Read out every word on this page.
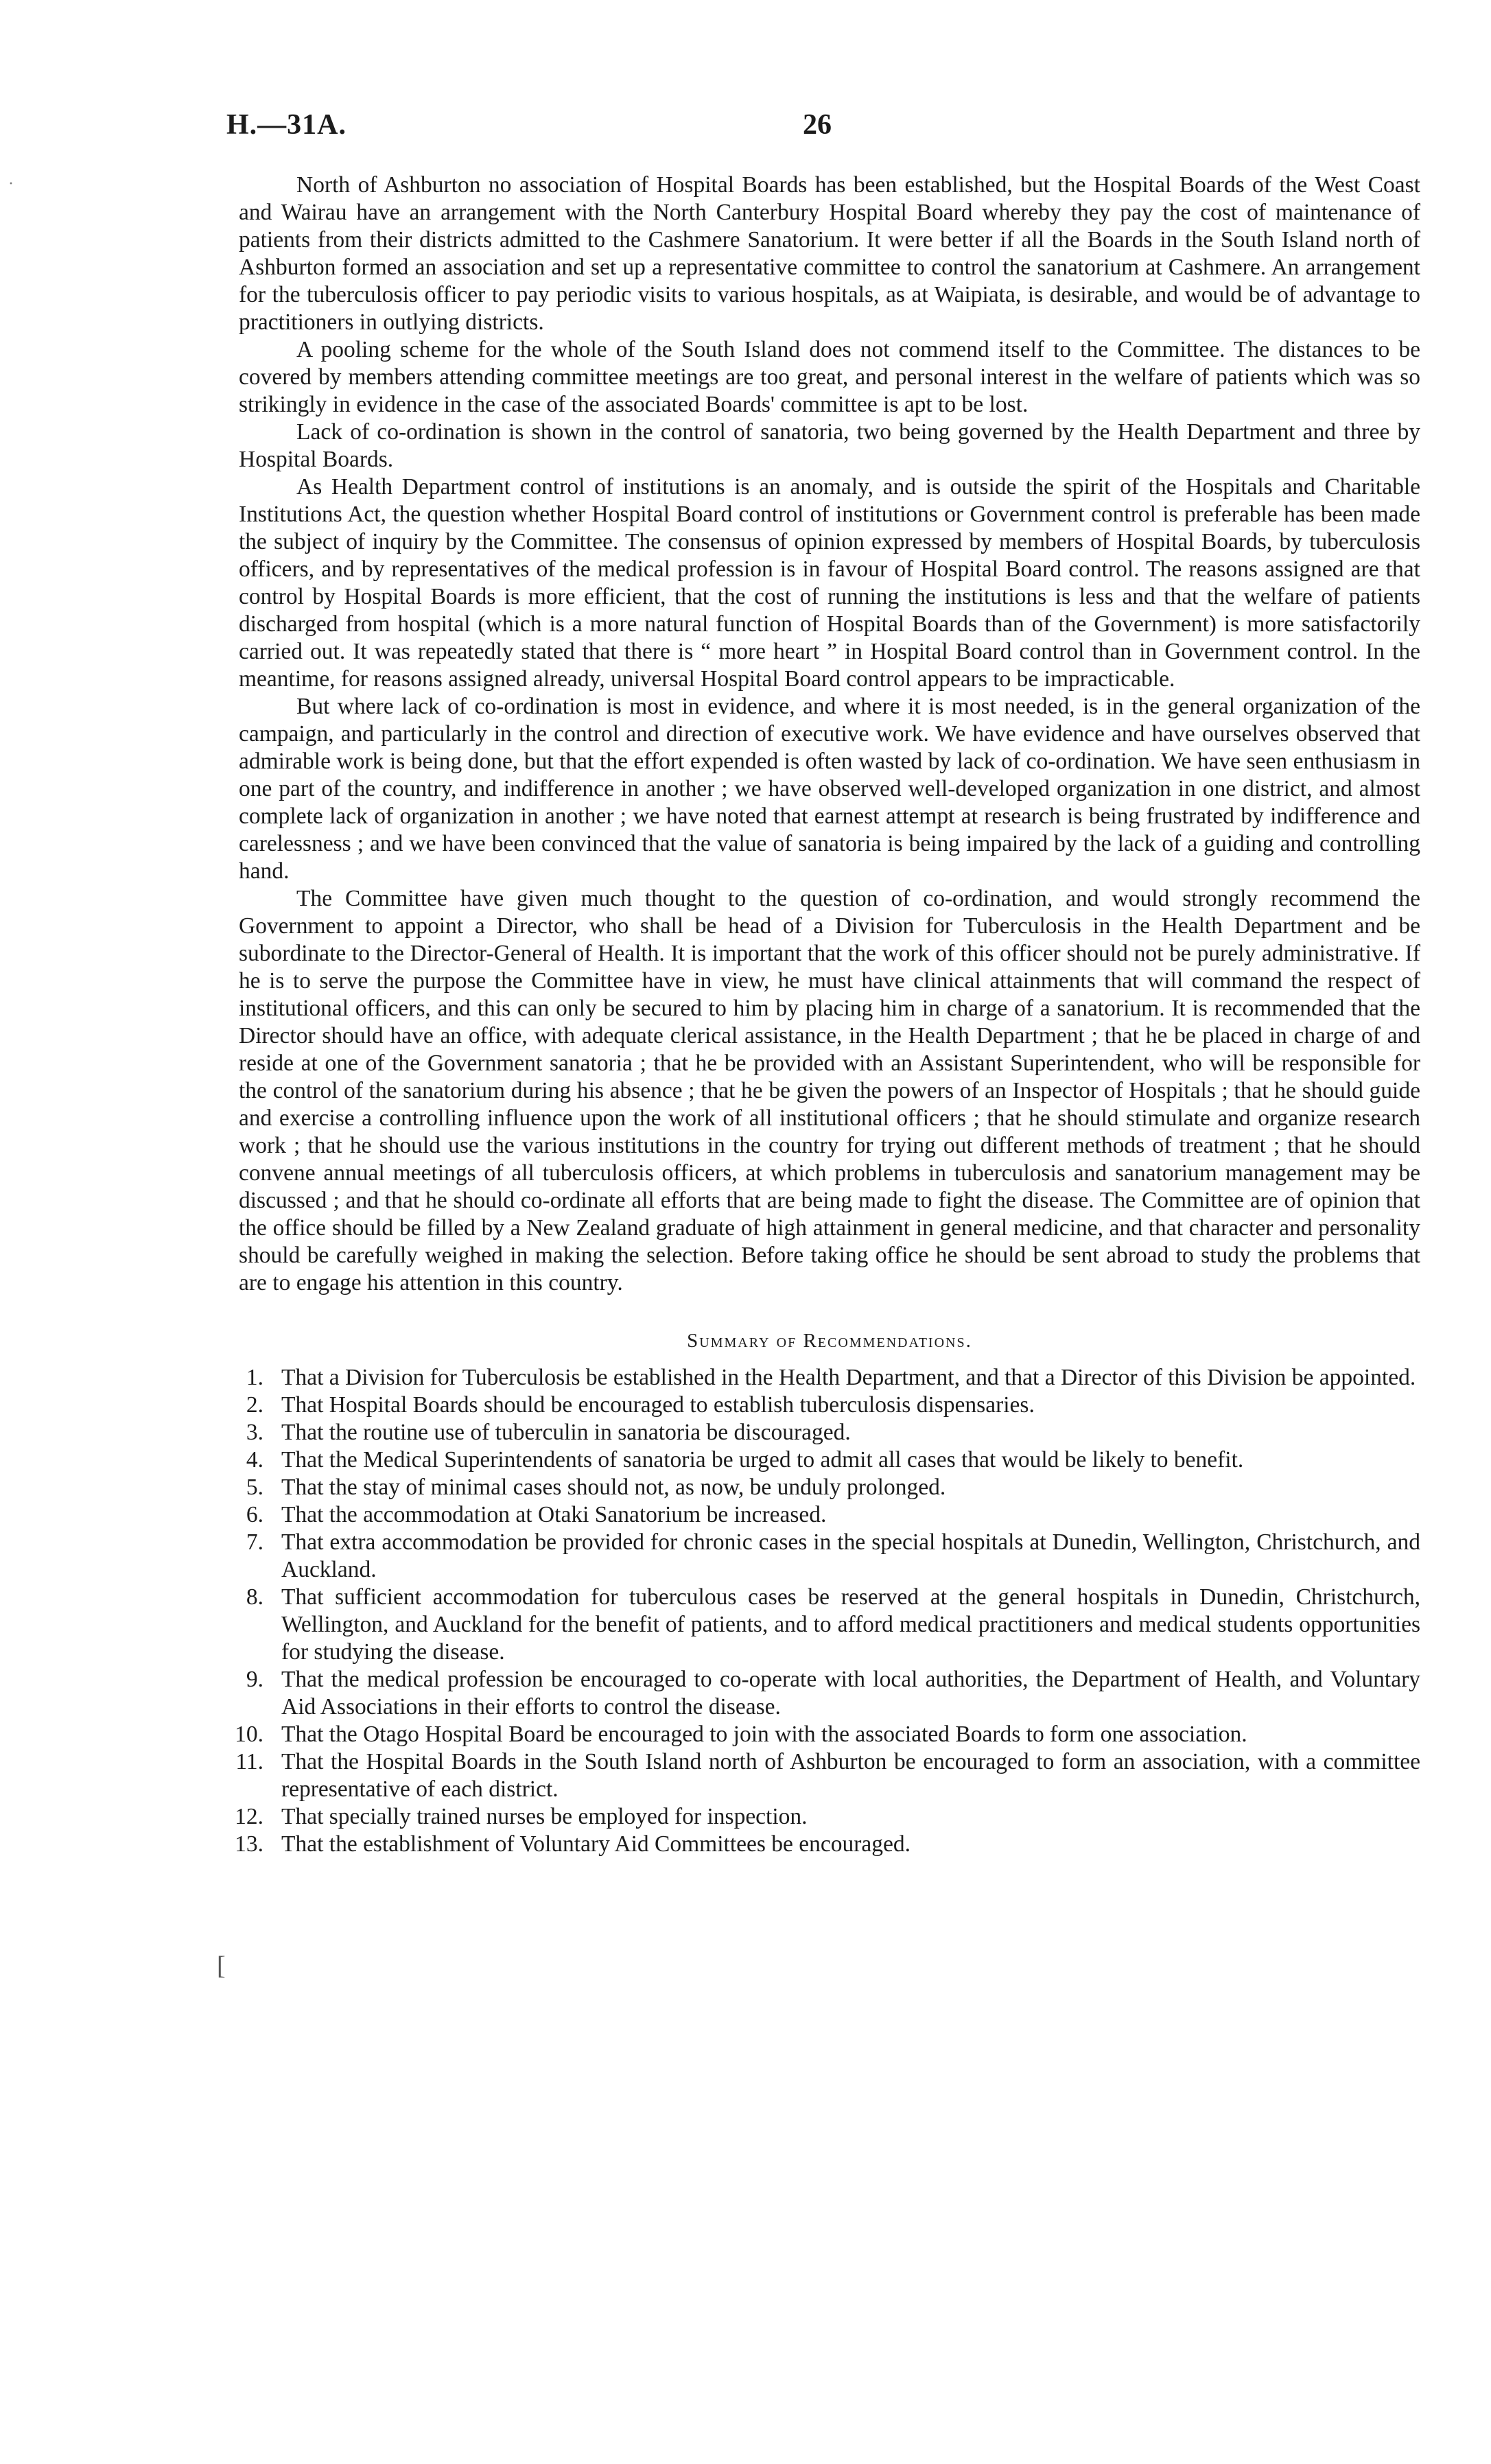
·
H.—31A.	26

North of Ashburton no association of Hospital Boards has been established, but the Hospital Boards of the West Coast and Wairau have an arrangement with the North Canterbury Hospital Board whereby they pay the cost of maintenance of patients from their districts admitted to the Cashmere Sanatorium. It were better if all the Boards in the South Island north of Ashburton formed an association and set up a representative committee to control the sanatorium at Cashmere. An arrangement for the tuberculosis officer to pay periodic visits to various hospitals, as at Waipiata, is desirable, and would be of advantage to practitioners in outlying districts.

A pooling scheme for the whole of the South Island does not commend itself to the Committee. The distances to be covered by members attending committee meetings are too great, and personal interest in the welfare of patients which was so strikingly in evidence in the case of the associated Boards' committee is apt to be lost.

Lack of co-ordination is shown in the control of sanatoria, two being governed by the Health Department and three by Hospital Boards.

As Health Department control of institutions is an anomaly, and is outside the spirit of the Hospitals and Charitable Institutions Act, the question whether Hospital Board control of institutions or Government control is preferable has been made the subject of inquiry by the Committee. The consensus of opinion expressed by members of Hospital Boards, by tuberculosis officers, and by representatives of the medical profession is in favour of Hospital Board control. The reasons assigned are that control by Hospital Boards is more efficient, that the cost of running the institutions is less and that the welfare of patients discharged from hospital (which is a more natural function of Hospital Boards than of the Government) is more satisfactorily carried out. It was repeatedly stated that there is “ more heart ” in Hospital Board control than in Government control. In the meantime, for reasons assigned already, universal Hospital Board control appears to be impracticable.

But where lack of co-ordination is most in evidence, and where it is most needed, is in the general organization of the campaign, and particularly in the control and direction of executive work. We have evidence and have ourselves observed that admirable work is being done, but that the effort expended is often wasted by lack of co-ordination. We have seen enthusiasm in one part of the country, and indifference in another ; we have observed well-developed organization in one district, and almost complete lack of organization in another ; we have noted that earnest attempt at research is being frustrated by indifference and carelessness ; and we have been convinced that the value of sanatoria is being impaired by the lack of a guiding and controlling hand.

The Committee have given much thought to the question of co-ordination, and would strongly recommend the Government to appoint a Director, who shall be head of a Division for Tuberculosis in the Health Department and be subordinate to the Director-General of Health. It is important that the work of this officer should not be purely administrative. If he is to serve the purpose the Committee have in view, he must have clinical attainments that will command the respect of institutional officers, and this can only be secured to him by placing him in charge of a sanatorium. It is recommended that the Director should have an office, with adequate clerical assistance, in the Health Department ; that he be placed in charge of and reside at one of the Government sanatoria ; that he be provided with an Assistant Superintendent, who will be responsible for the control of the sanatorium during his absence ; that he be given the powers of an Inspector of Hospitals ; that he should guide and exercise a controlling influence upon the work of all institutional officers ; that he should stimulate and organize research work ; that he should use the various institutions in the country for trying out different methods of treatment ; that he should convene annual meetings of all tuberculosis officers, at which problems in tuberculosis and sanatorium management may be discussed ; and that he should co-ordinate all efforts that are being made to fight the disease. The Committee are of opinion that the office should be filled by a New Zealand graduate of high attainment in general medicine, and that character and personality should be carefully weighed in making the selection. Before taking office he should be sent abroad to study the problems that are to engage his attention in this country.

Summary of Recommendations.
1. That a Division for Tuberculosis be established in the Health Department, and that a Director of this Division be appointed.
2. That Hospital Boards should be encouraged to establish tuberculosis dispensaries.
3. That the routine use of tuberculin in sanatoria be discouraged.
4. That the Medical Superintendents of sanatoria be urged to admit all cases that would be likely to benefit.
5. That the stay of minimal cases should not, as now, be unduly prolonged.
6. That the accommodation at Otaki Sanatorium be increased.
7. That extra accommodation be provided for chronic cases in the special hospitals at Dunedin, Wellington, Christchurch, and Auckland.
8. That sufficient accommodation for tuberculous cases be reserved at the general hospitals in Dunedin, Christchurch, Wellington, and Auckland for the benefit of patients, and to afford medical practitioners and medical students opportunities for studying the disease.
9. That the medical profession be encouraged to co-operate with local authorities, the Department of Health, and Voluntary Aid Associations in their efforts to control the disease.
10. That the Otago Hospital Board be encouraged to join with the associated Boards to form one association.
11. That the Hospital Boards in the South Island north of Ashburton be encouraged to form an association, with a committee representative of each district.
12. That specially trained nurses be employed for inspection.
13. That the establishment of Voluntary Aid Committees be encouraged.
[
